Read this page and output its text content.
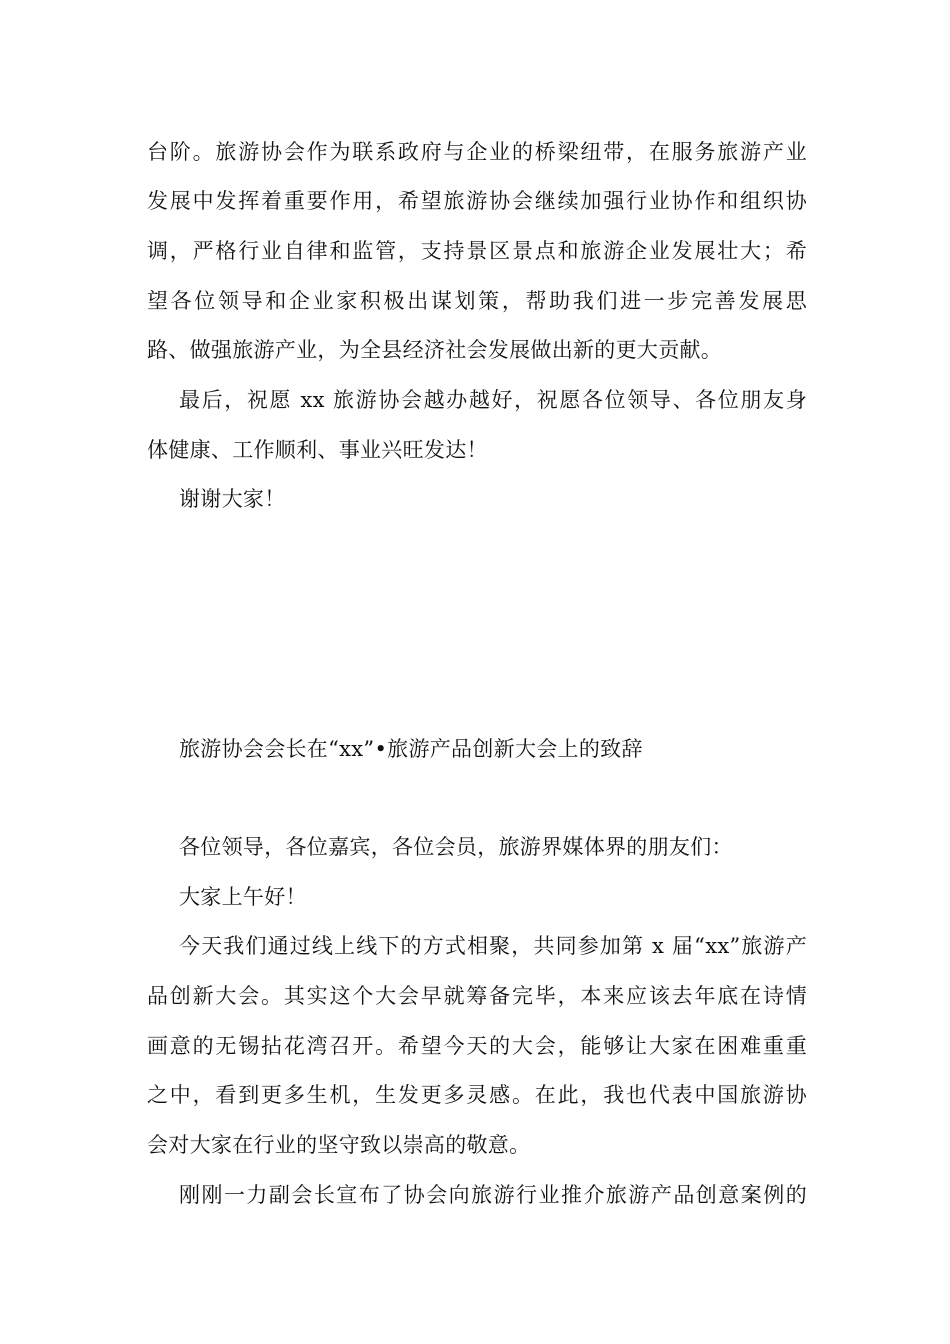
台阶。旅游协会作为联系政府与企业的桥梁纽带，在服务旅游产业
发展中发挥着重要作用，希望旅游协会继续加强行业协作和组织协
调，严格行业自律和监管，支持景区景点和旅游企业发展壮大；希
望各位领导和企业家积极出谋划策，帮助我们进一步完善发展思
路、做强旅游产业，为全县经济社会发展做出新的更大贡献。
最后，祝愿 xx 旅游协会越办越好，祝愿各位领导、各位朋友身
体健康、工作顺利、事业兴旺发达！
谢谢大家！
旅游协会会长在“xx”•旅游产品创新大会上的致辞
各位领导，各位嘉宾，各位会员，旅游界媒体界的朋友们：
大家上午好！
今天我们通过线上线下的方式相聚，共同参加第 x 届“xx”旅游产
品创新大会。其实这个大会早就筹备完毕，本来应该去年底在诗情
画意的无锡拈花湾召开。希望今天的大会，能够让大家在困难重重
之中，看到更多生机，生发更多灵感。在此，我也代表中国旅游协
会对大家在行业的坚守致以崇高的敬意。
刚刚一力副会长宣布了协会向旅游行业推介旅游产品创意案例的
